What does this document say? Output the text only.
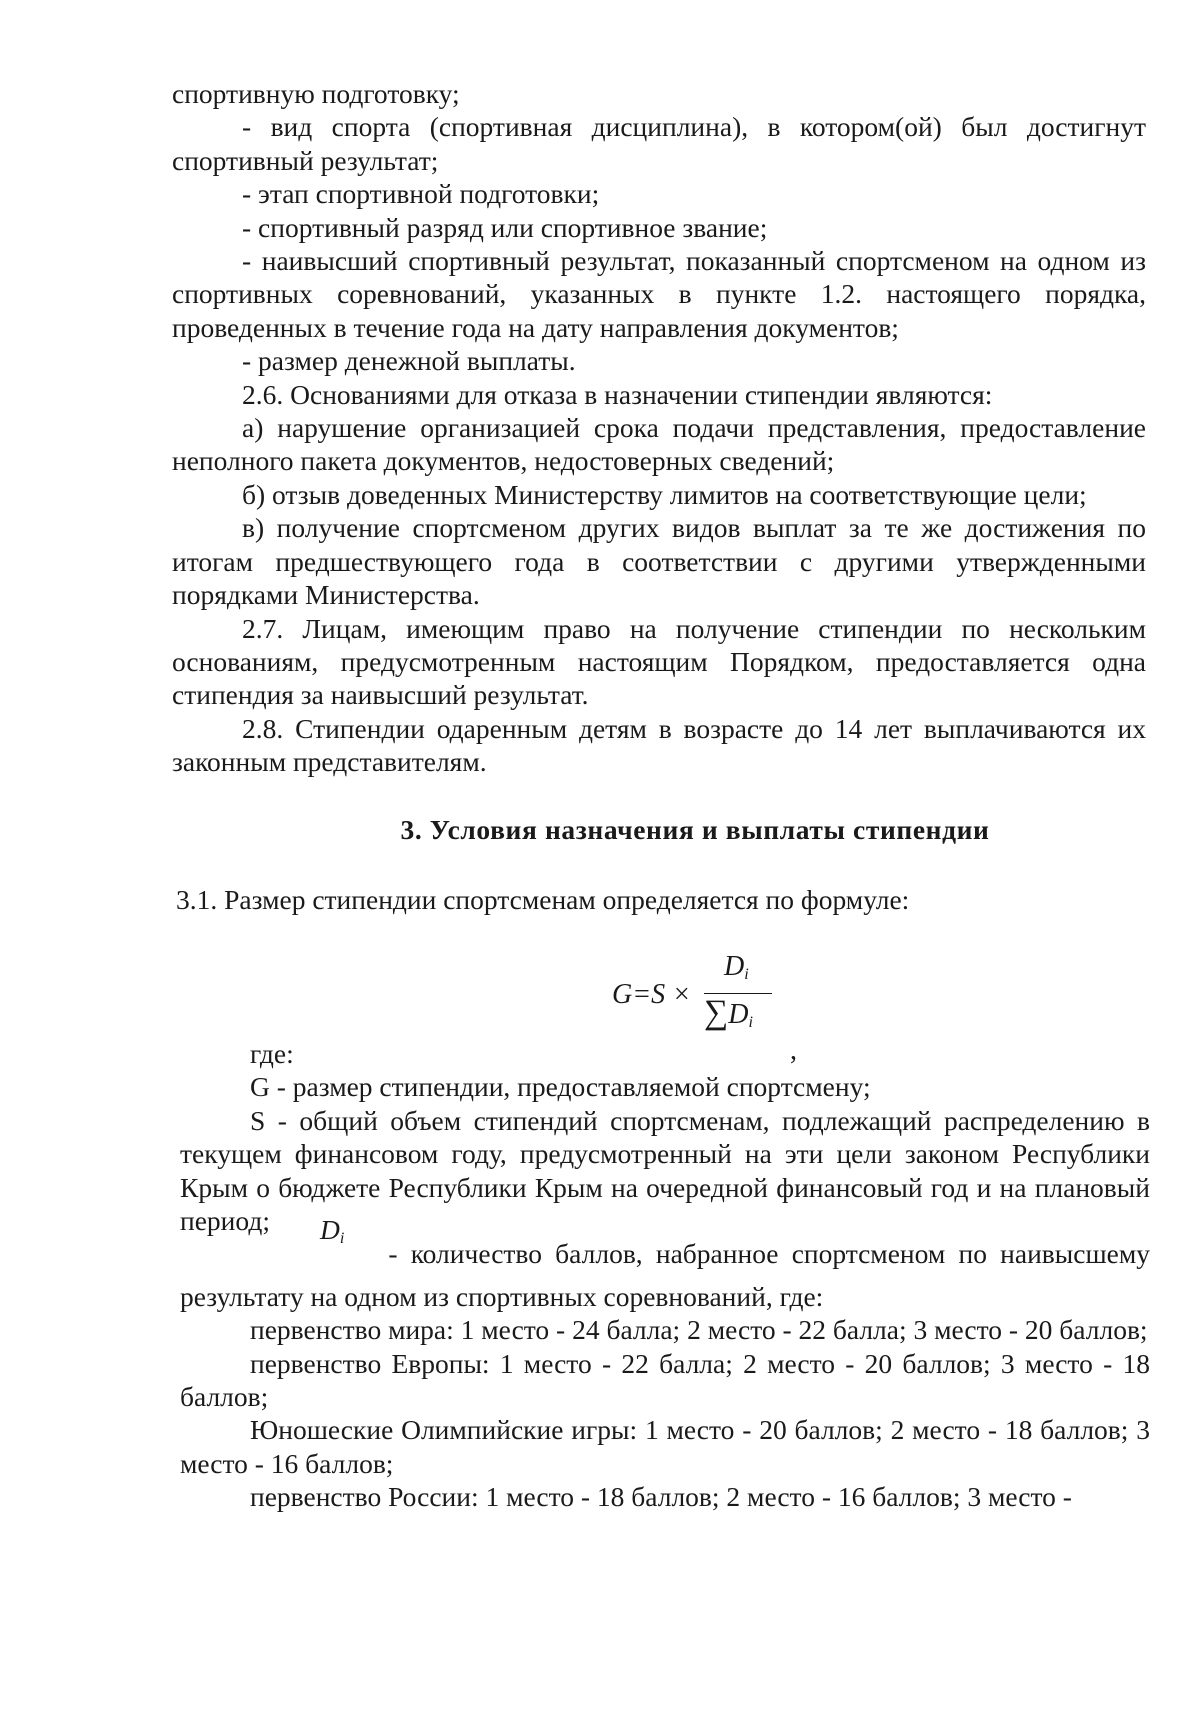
спортивную подготовку;

- вид спорта (спортивная дисциплина), в котором(ой) был достигнут спортивный результат;

- этап спортивной подготовки;

- спортивный разряд или спортивное звание;

- наивысший спортивный результат, показанный спортсменом на одном из спортивных соревнований, указанных в пункте 1.2. настоящего порядка, проведенных в течение года на дату направления документов;

- размер денежной выплаты.

2.6. Основаниями для отказа в назначении стипендии являются:

а) нарушение организацией срока подачи представления, предоставление неполного пакета документов, недостоверных сведений;

б) отзыв доведенных Министерству лимитов на соответствующие цели;

в) получение спортсменом других видов выплат за те же достижения по итогам предшествующего года в соответствии с другими утвержденными порядками Министерства.

2.7. Лицам, имеющим право на получение стипендии по нескольким основаниям, предусмотренным настоящим Порядком, предоставляется одна стипендия за наивысший результат.

2.8. Стипендии одаренным детям в возрасте до 14 лет выплачиваются их законным представителям.

3. Условия назначения и выплаты стипендии
3.1. Размер стипендии спортсменам определяется по формуле:
G=S ×
$D_i$
$\sum D_i$
,

где:

G - размер стипендии, предоставляемой спортсмену;

S - общий объем стипендий спортсменам, подлежащий распределению в текущем финансовом году, предусмотренный на эти цели законом Республики Крым о бюджете Республики Крым на очередной финансовый год и на плановый период;	$D_i$ - количество баллов, набранное спортсменом по наивысшему результату на одном из спортивных соревнований, где:

первенство мира: 1 место - 24 балла; 2 место - 22 балла; 3 место - 20 баллов;

первенство Европы: 1 место - 22 балла; 2 место - 20 баллов; 3 место - 18 баллов;

Юношеские Олимпийские игры: 1 место - 20 баллов; 2 место - 18 баллов; 3 место - 16 баллов;

первенство России: 1 место - 18 баллов; 2 место - 16 баллов; 3 место -
